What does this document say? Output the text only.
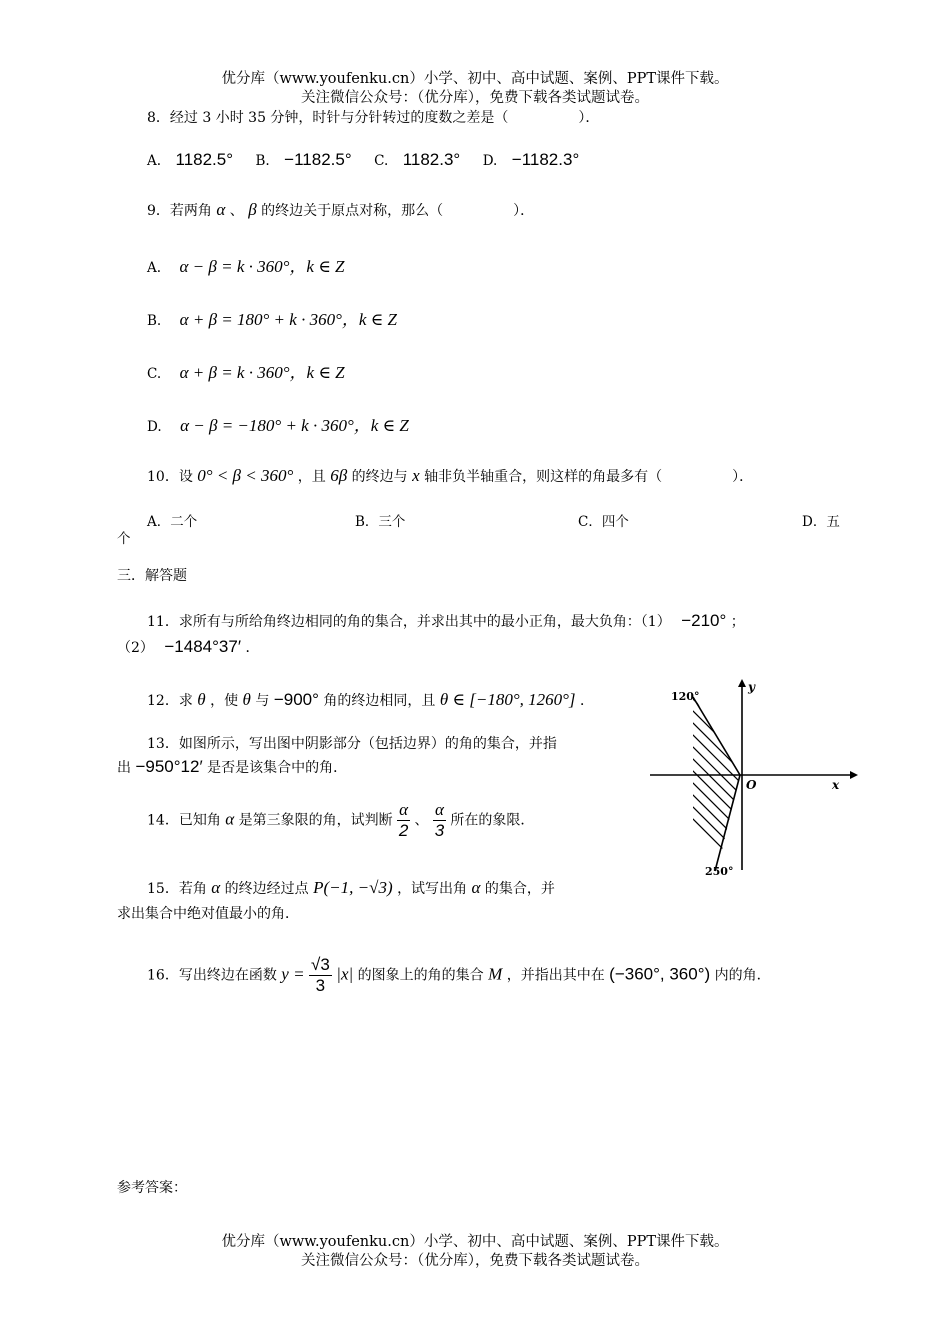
优分库（www.youfenku.cn）小学、初中、高中试题、案例、PPT课件下载。
关注微信公众号：（优分库），免费下载各类试题试卷。
8．经过 3 小时 35 分钟，时针与分针转过的度数之差是（　　　　　）．
A. 1182.5° B. −1182.5° C. 1182.3° D. −1182.3°
9．若两角 α 、 β 的终边关于原点对称，那么（　　　　　）．
A. α − β = k · 360°，k ∈ Z
B. α + β = 180° + k · 360°，k ∈ Z
C. α + β = k · 360°，k ∈ Z
D. α − β = −180° + k · 360°，k ∈ Z
10．设 0° < β < 360° ，且 6β 的终边与 x 轴非负半轴重合，则这样的角最多有（　　　　　）．
A．二个	B．三个	C．四个	D．五
个
三．解答题
11．求所有与所给角终边相同的角的集合，并求出其中的最小正角，最大负角：（1） −210° ；
（2） −1484°37′ ．
12．求 θ ，使 θ 与 −900° 角的终边相同，且 θ ∈ [−180°, 1260°] ．
13．如图所示，写出图中阴影部分（包括边界）的角的集合，并指
出 −950°12′ 是否是该集合中的角．
120°
250°
y
x
O
14．已知角 α 是第三象限的角，试判断 $\frac{\alpha}{2}$ 、 $\frac{\alpha}{3}$ 所在的象限．
15．若角 α 的终边经过点 P(−1, −√3) ，试写出角 α 的集合，并
求出集合中绝对值最小的角．
16．写出终边在函数 $y = \frac{√3}{3} |x|$ 的图象上的角的集合 M ，并指出其中在 (−360°, 360°) 内的角．
参考答案：
优分库（www.youfenku.cn）小学、初中、高中试题、案例、PPT课件下载。
关注微信公众号：（优分库），免费下载各类试题试卷。
